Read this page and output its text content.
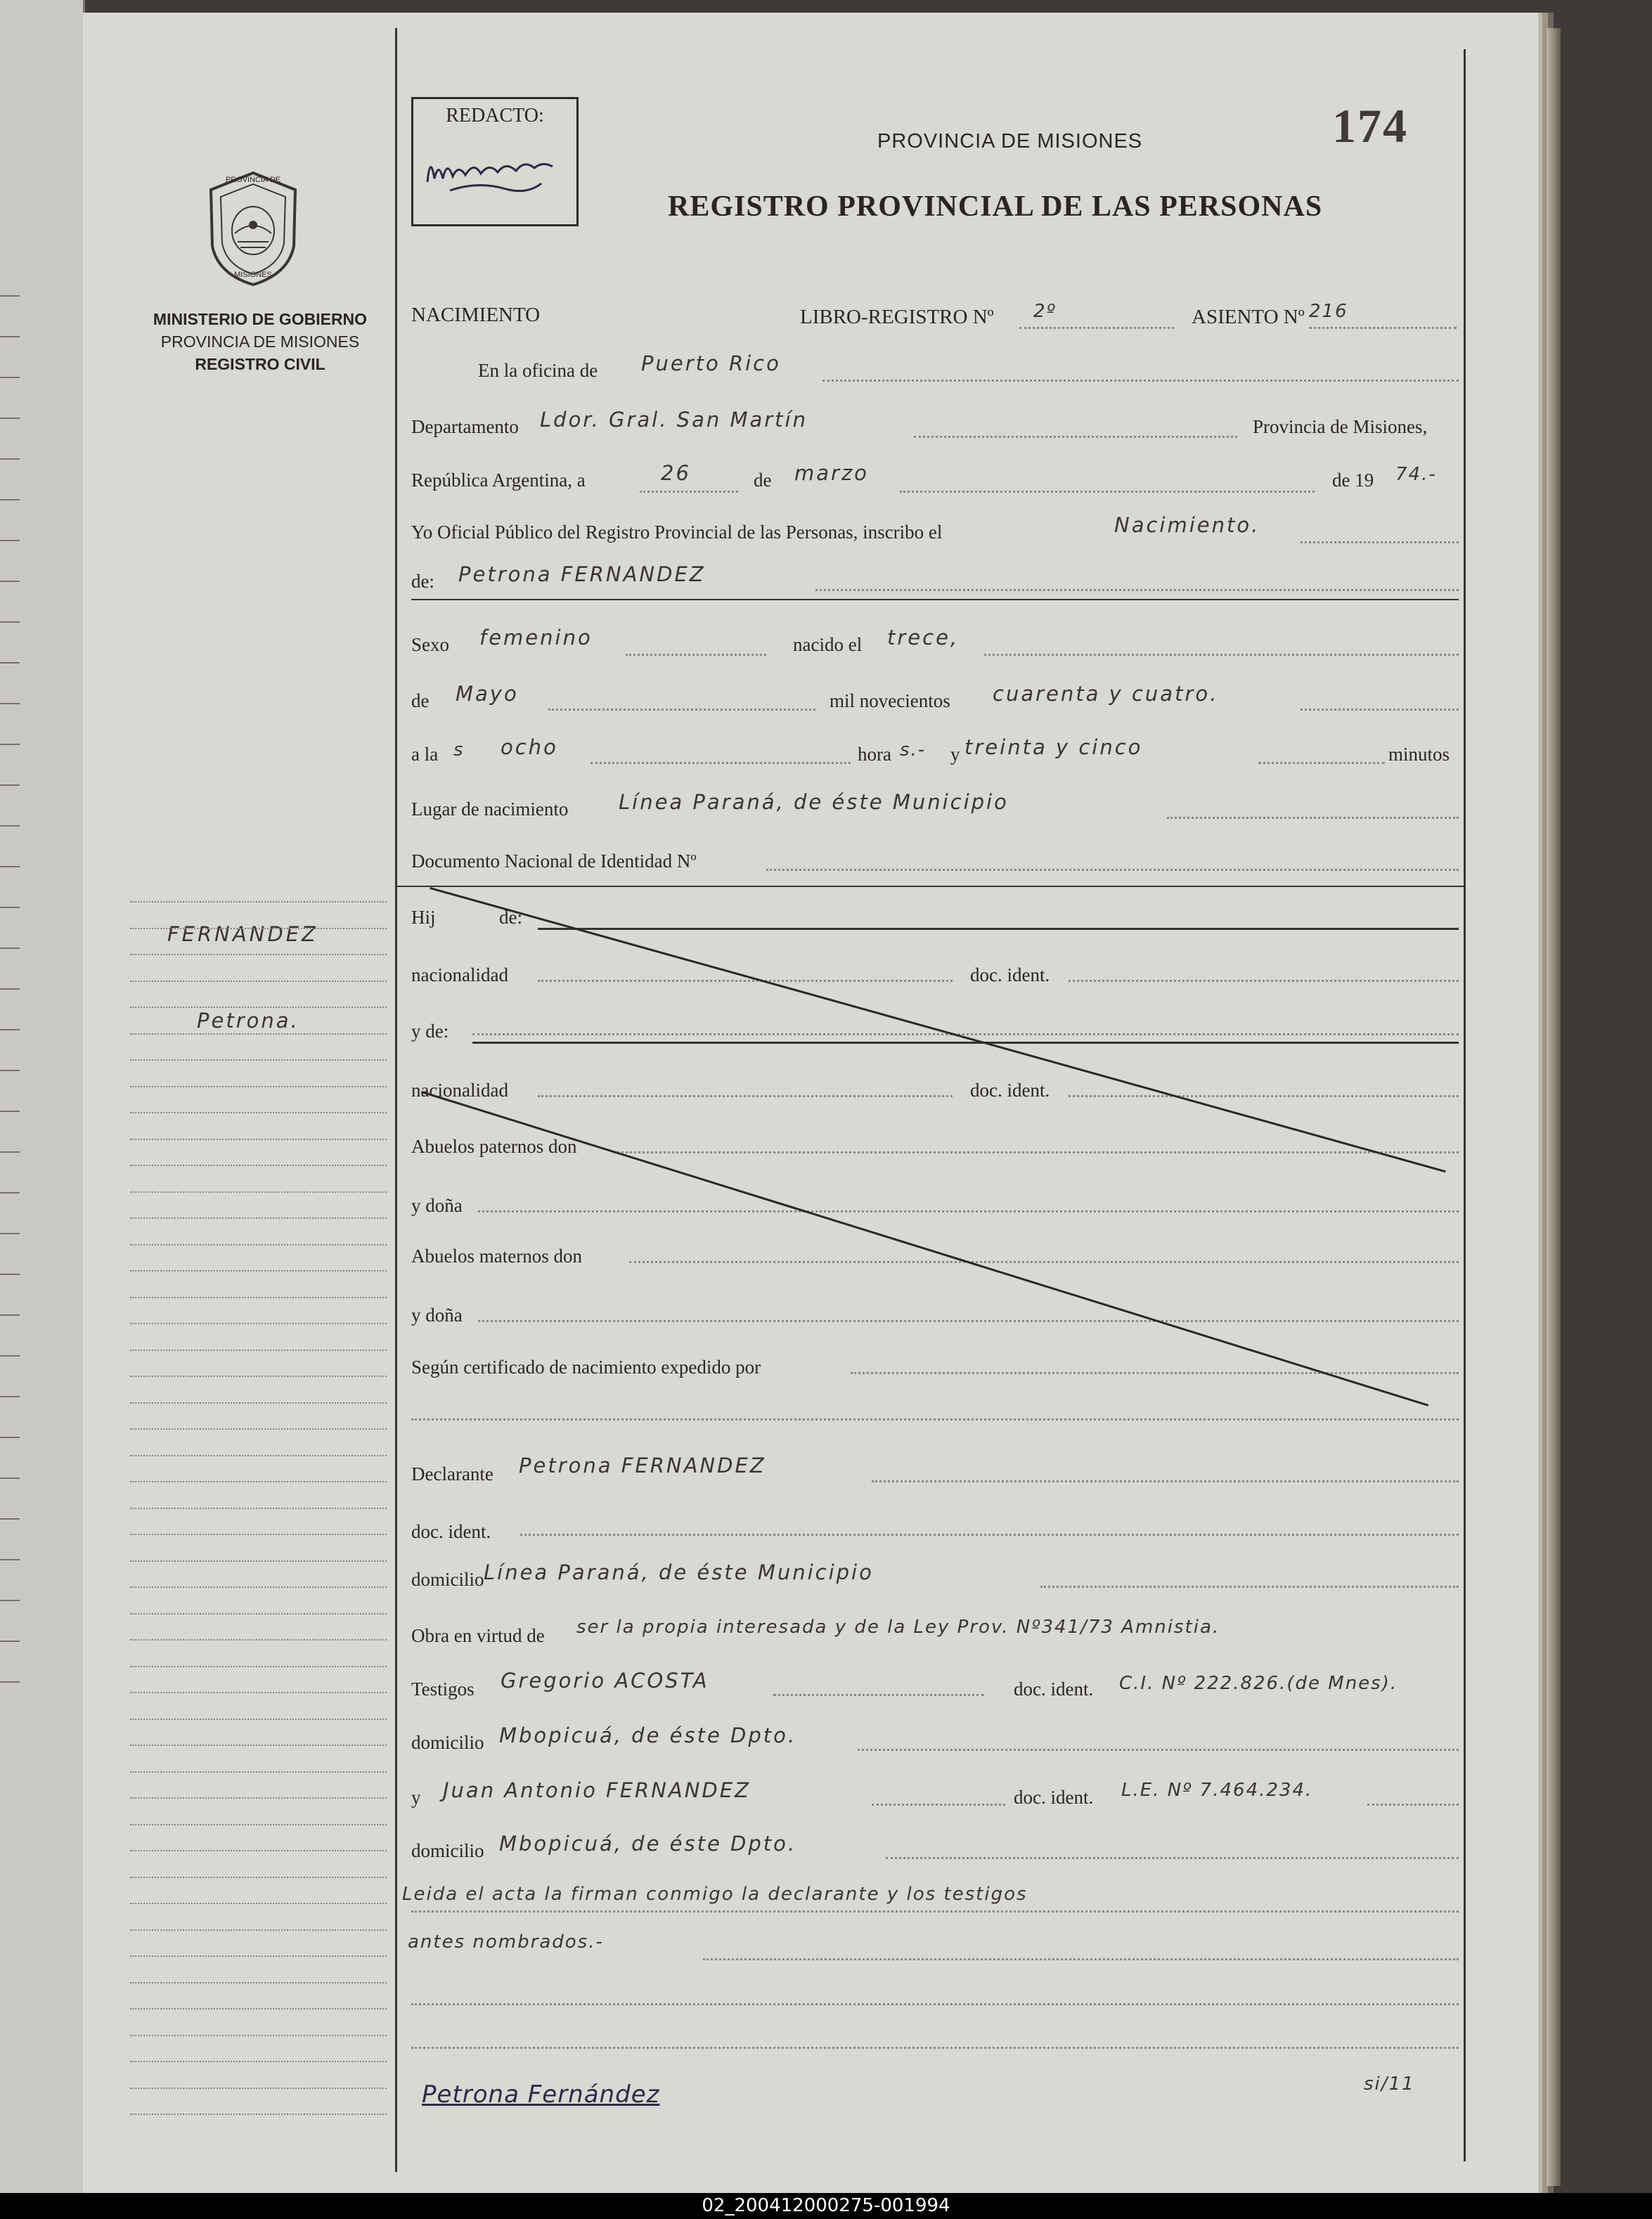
PROVINCIA DE
MISIONES
MINISTERIO DE GOBIERNO
PROVINCIA DE MISIONES
REGISTRO CIVIL
REDACTO:	174
PROVINCIA DE MISIONES
REGISTRO PROVINCIAL DE LAS PERSONAS
NACIMIENTO	LIBRO-REGISTRO Nº 2º	ASIENTO Nº 216
En la oficina de Puerto Rico
Departamento Ldor. Gral. San Martín	Provincia de Misiones,
República Argentina, a	26	de marzo	de 19 74.-
Yo Oficial Público del Registro Provincial de las Personas, inscribo el	Nacimiento.
de: Petrona FERNANDEZ
Sexo femenino	nacido el trece,
de Mayo	mil novecientos cuarenta y cuatro.
a la s ocho	hora s.- y treinta y cinco	minutos
Lugar de nacimiento Línea Paraná, de éste Municipio
Documento Nacional de Identidad Nº
Hij	de:
nacionalidad	doc. ident.
y de:
nacionalidad	doc. ident.
Abuelos paternos don
y doña
Abuelos maternos don
y doña
Según certificado de nacimiento expedido por
Declarante Petrona FERNANDEZ
doc. ident.
domicilio Línea Paraná, de éste Municipio
Obra en virtud de ser la propia interesada y de la Ley Prov. Nº341/73 Amnistia.
Testigos Gregorio ACOSTA	doc. ident. C.I. Nº 222.826.(de Mnes).
domicilio Mbopicuá, de éste Dpto.
y Juan Antonio FERNANDEZ	doc. ident. L.E. Nº 7.464.234.
domicilio Mbopicuá, de éste Dpto.
Leida el acta la firman conmigo la declarante y los testigos
antes nombrados.-
Petrona Fernández	si/11
FERNANDEZ
Petrona.
02_200412000275-001994
